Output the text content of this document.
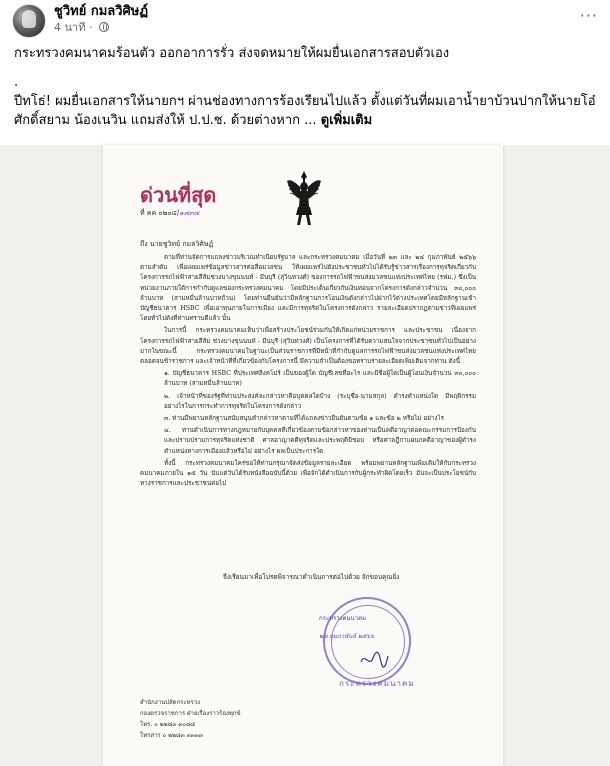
ชูวิทย์ กมลวิศิษฏ์
4 นาที ·
···

กระทรวงคมนาคมร้อนตัว ออกอาการรั่ว ส่งจดหมายให้ผมยื่นเอกสารสอบตัวเอง

.

ปีทโธ่! ผมยื่นเอกสารให้นายกฯ ผ่านช่องทางการร้องเรียนไปแล้ว ตั้งแต่วันที่ผมเอาน้ำยาบ้วนปากให้นายโอ๋ ศักดิ์สยาม น้องเนวิน แถมส่งให้ ป.ป.ช. ด้วยต่างหาก ... ดูเพิ่มเติม

ด่วนที่สุด
ที่ คค ๐๒๐๔/๑๗๓๗
ถึง นายชูวิทย์ กมลวิศิษฏ์

ตามที่ท่านจัดการแถลงข่าวบริเวณทำเนียบรัฐบาล และกระทรวงคมนาคม เมื่อวันที่ ๒๓ และ ๒๔ กุมภาพันธ์ ๒๕๖๖ ตามลำดับ เพื่อเผยแพร่ข้อมูลข่าวสารต่อสื่อมวลชน ให้เผยแพร่ไปยังประชาชนทั่วไปได้รับรู้ข่าวสารเรื่องการทุจริตเกี่ยวกับโครงการรถไฟฟ้าสายสีส้มช่วงบางขุนนนท์ - มีนบุรี (สุวินทวงศ์) ของการรถไฟฟ้าขนส่งมวลชนแห่งประเทศไทย (รฟม.) ซึ่งเป็นหน่วยงานภายใต้การกำกับดูแลของกระทรวงคมนาคม โดยมีประเด็นเกี่ยวกับเงินทอนจากโครงการดังกล่าวจำนวน ๓๐,๐๐๐ ล้านบาท (สามหมื่นล้านบาทถ้วน) โดยท่านยืนยันว่ามีหลักฐานการโอนเงินดังกล่าวไปฝากไว้ต่างประเทศโดยมีหลักฐานเข้าบัญชีธนาคาร HSBC เพื่อเอาทุนภายในการเมือง และมีการทุจริตในโครงการดังกล่าว รายละเอียดปรากฏตามข่าวที่เผยแพร่โดยทั่วไปดังที่ท่านทราบดีแล้ว นั้น

ในการนี้ กระทรวงคมนาคมเห็นว่าเพื่อสร้างประโยชน์ร่วมกันให้เกิดแก่หน่วยราชการ และประชาชน เนื่องจากโครงการรถไฟฟ้าสายสีส้ม ช่วงบางขุนนนท์ - มีนบุรี (สุวินทวงศ์) เป็นโครงการที่ได้รับความสนใจจากประชาชนทั่วไปเป็นอย่างมากในขณะนี้ กระทรวงคมนาคมในฐานะเป็นส่วนราชการที่มีหน้าที่กำกับดูแลการรถไฟฟ้าขนส่งมวลชนแห่งประเทศไทย ตลอดจนข้าราชการ และเจ้าหน้าที่ที่เกี่ยวข้องกับโครงการนี้ มีความจำเป็นต้องขอทราบรายละเอียดเพิ่มเติมจากท่าน ดังนี้

๑. บัญชีธนาคาร HSBC ที่ประเทศสิงคโปร์ เป็นของผู้ใด บัญชีเลขที่อะไร และมีชื่อผู้ใดเป็นผู้โอนเงินจำนวน ๓๐,๐๐๐ ล้านบาท (สามหมื่นล้านบาท)

๒. เจ้าหน้าที่ของรัฐที่ท่านประสงค์จะกล่าวหาคือบุคคลใดบ้าง (ระบุชื่อ-นามสกุล) ดำรงตำแหน่งใด มีพฤติกรรมอย่างไรในการกระทำการทุจริตในโครงการดังกล่าว

๓. ท่านมีพยานหลักฐานสนับสนุนคำกล่าวหาตามที่ได้แถลงข่าวยืนยันตามข้อ ๑ และข้อ ๒ หรือไม่ อย่างไร

๔. ท่านดำเนินการทางกฎหมายกับบุคคลที่เกี่ยวข้องตามข้อกล่าวหาของท่านเป็นคดีอาญาต่อคณะกรรมการป้องกันและปราบปรามการทุจริตแห่งชาติ ศาลอาญาคดีทุจริตและประพฤติมิชอบ หรือศาลฎีกาแผนกคดีอาญาของผู้ดำรงตำแหน่งทางการเมืองแล้วหรือไม่ อย่างไร ผลเป็นประการใด

ทั้งนี้ กระทรวงคมนาคมใคร่ขอให้ท่านกรุณาจัดส่งข้อมูลรายละเอียด พร้อมพยานหลักฐานเพิ่มเติมให้กับกระทรวงคมนาคมภายใน ๑๕ วัน นับแต่วันได้รับหนังสือฉบับนี้ด้วย เพื่อจักได้ดำเนินการกับผู้กระทำผิดโดยเร็ว อันจะเป็นประโยชน์กับทางราชการและประชาชนต่อไป

จึงเรียนมาเพื่อโปรดพิจารณาดำเนินการต่อไปด้วย จักขอบคุณยิ่ง
กระทรวงคมนาคม
๒๗ กุมภาพันธ์ ๒๕๖๖
กระทรวงคมนาคม
สำนักงานปลัดกระทรวง
กองตรวจราชการ ฝ่ายเรื่องราวร้องทุกข์
โทร. ๐ ๒๒๘๓ ๓๐๘๔
โทรสาร ๐ ๒๒๘๓ ๓๓๓๓
